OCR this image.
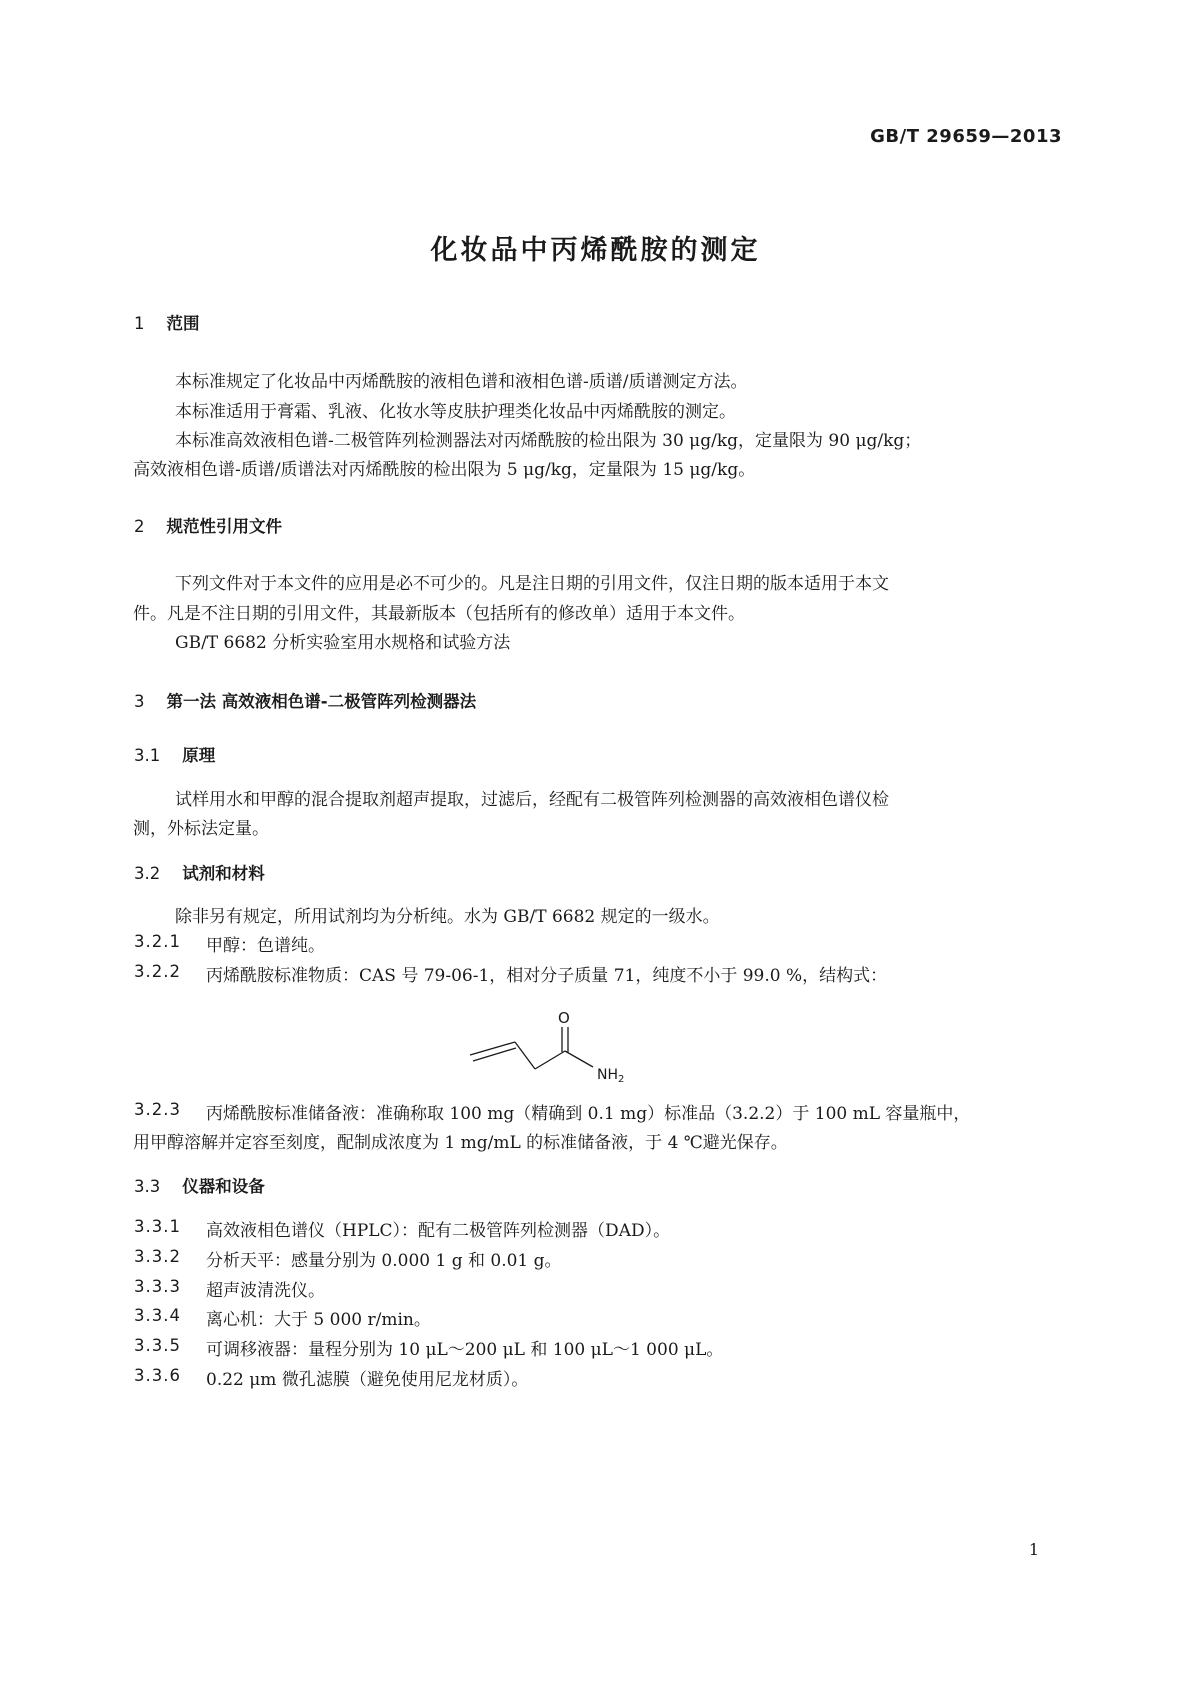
GB/T 29659—2013
化妆品中丙烯酰胺的测定
1 范围
本标准规定了化妆品中丙烯酰胺的液相色谱和液相色谱-质谱/质谱测定方法。
本标准适用于膏霜、乳液、化妆水等皮肤护理类化妆品中丙烯酰胺的测定。
本标准高效液相色谱-二极管阵列检测器法对丙烯酰胺的检出限为 30 μg/kg，定量限为 90 μg/kg；
高效液相色谱-质谱/质谱法对丙烯酰胺的检出限为 5 μg/kg，定量限为 15 μg/kg。
2 规范性引用文件
下列文件对于本文件的应用是必不可少的。凡是注日期的引用文件，仅注日期的版本适用于本文
件。凡是不注日期的引用文件，其最新版本（包括所有的修改单）适用于本文件。
GB/T 6682 分析实验室用水规格和试验方法
3 第一法 高效液相色谱-二极管阵列检测器法
3.1 原理
试样用水和甲醇的混合提取剂超声提取，过滤后，经配有二极管阵列检测器的高效液相色谱仪检
测，外标法定量。
3.2 试剂和材料
除非另有规定，所用试剂均为分析纯。水为 GB/T 6682 规定的一级水。
3.2.1 甲醇：色谱纯。
3.2.2 丙烯酰胺标准物质：CAS 号 79-06-1，相对分子质量 71，纯度不小于 99.0 %，结构式：
O
$NH_2$
3.2.3 丙烯酰胺标准储备液：准确称取 100 mg（精确到 0.1 mg）标准品（3.2.2）于 100 mL 容量瓶中，
用甲醇溶解并定容至刻度，配制成浓度为 1 mg/mL 的标准储备液，于 4 ℃避光保存。
3.3 仪器和设备
3.3.1 高效液相色谱仪（HPLC）：配有二极管阵列检测器（DAD）。
3.3.2 分析天平：感量分别为 0.000 1 g 和 0.01 g。
3.3.3 超声波清洗仪。
3.3.4 离心机：大于 5 000 r/min。
3.3.5 可调移液器：量程分别为 10 μL～200 μL 和 100 μL～1 000 μL。
3.3.6 0.22 μm 微孔滤膜（避免使用尼龙材质）。
1
